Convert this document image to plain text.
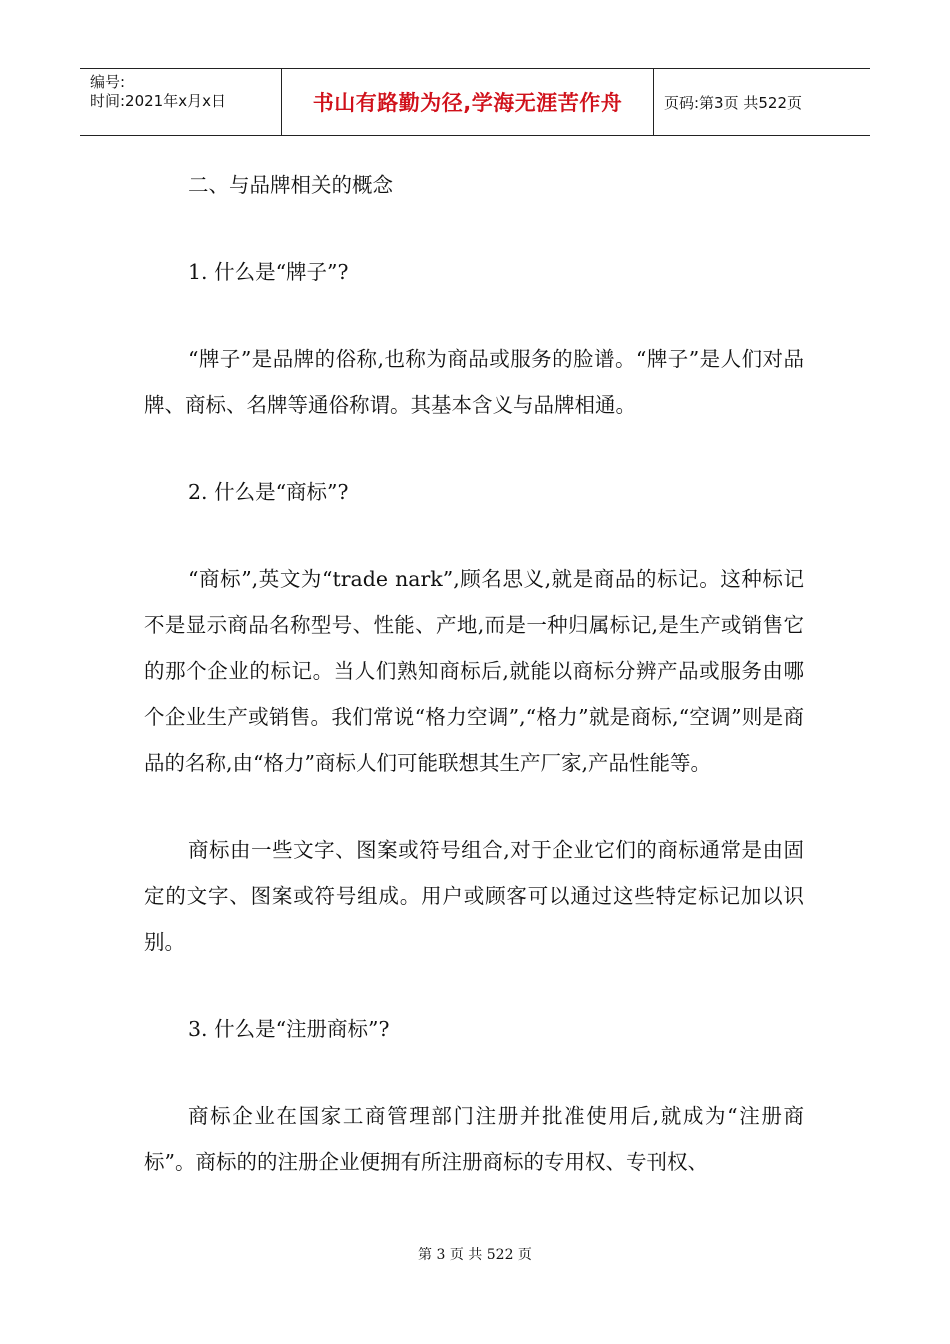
编号:
时间:2021年x月x日	书山有路勤为径,学海无涯苦作舟	页码:第3页 共522页

二、与品牌相关的概念

1. 什么是“牌子”?

“牌子”是品牌的俗称,也称为商品或服务的脸谱。“牌子”是人们对品牌、商标、名牌等通俗称谓。其基本含义与品牌相通。

2. 什么是“商标”?

“商标”,英文为“trade nark”,顾名思义,就是商品的标记。这种标记不是显示商品名称型号、性能、产地,而是一种归属标记,是生产或销售它的那个企业的标记。当人们熟知商标后,就能以商标分辨产品或服务由哪个企业生产或销售。我们常说“格力空调”,“格力”就是商标,“空调”则是商品的名称,由“格力”商标人们可能联想其生产厂家,产品性能等。

商标由一些文字、图案或符号组合,对于企业它们的商标通常是由固定的文字、图案或符号组成。用户或顾客可以通过这些特定标记加以识别。

3. 什么是“注册商标”?

商标企业在国家工商管理部门注册并批准使用后,就成为“注册商标”。商标的的注册企业便拥有所注册商标的专用权、专刊权、

第 3 页 共 522 页
